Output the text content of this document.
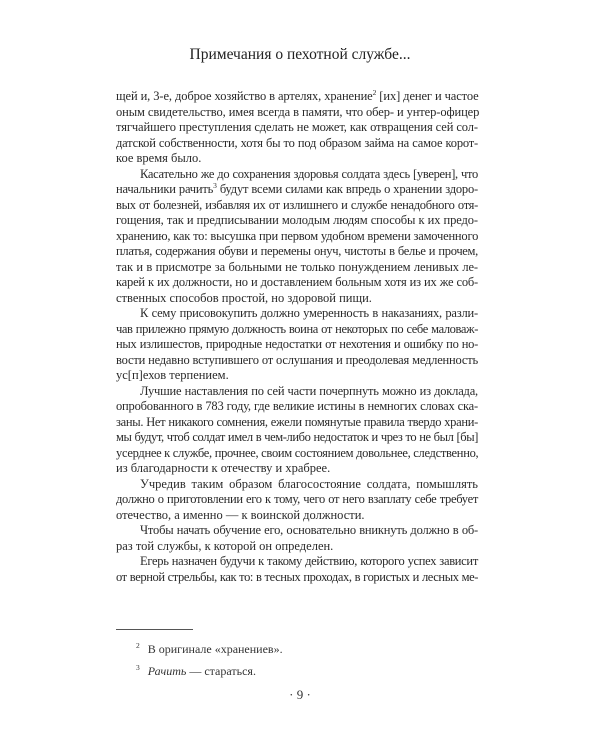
Примечания о пехотной службе...
щей и, 3-е, доброе хозяйство в артелях, хранение$^2$ [их] денег и частое
оным свидетельство, имея всегда в памяти, что обер- и унтер-офицер
тягчайшего преступления сделать не может, как отвращения сей сол-
датской собственности, хотя бы то под образом займа на самое корот-
кое время было.
Касательно же до сохранения здоровья солдата здесь [уверен], что
начальники рачить$^3$ будут всеми силами как впредь о хранении здоро-
вых от болезней, избавляя их от излишнего и службе ненадобного отя-
гощения, так и предписывании молодым людям способы к их предо-
хранению, как то: высушка при первом удобном времени замоченного
платья, содержания обуви и перемены онуч, чистоты в белье и прочем,
так и в присмотре за больными не только понуждением ленивых ле-
карей к их должности, но и доставлением больным хотя из их же соб-
ственных способов простой, но здоровой пищи.
К сему присовокупить должно умеренность в наказаниях, разли-
чав прилежно прямую должность воина от некоторых по себе маловаж-
ных излишестов, природные недостатки от нехотения и ошибку по но-
вости недавно вступившего от ослушания и преодолевая медленность
ус[п]ехов терпением.
Лучшие наставления по сей части почерпнуть можно из доклада,
опробованного в 783 году, где великие истины в немногих словах ска-
заны. Нет никакого сомнения, ежели помянутые правила твердо храни-
мы будут, чтоб солдат имел в чем-либо недостаток и чрез то не был [бы]
усерднее к службе, прочнее, своим состоянием довольнее, следственно,
из благодарности к отечеству и храбрее.
Учредив таким образом благосостояние солдата, помышлять
должно о приготовлении его к тому, чего от него взаплату себе требует
отечество, а именно — к воинской должности.
Чтобы начать обучение его, основательно вникнуть должно в об-
раз той службы, к которой он определен.
Егерь назначен будучи к такому действию, которого успех зависит
от верной стрельбы, как то: в тесных проходах, в гористых и лесных ме-
$^2$ В оригинале «хранениев».
$^3$ Рачить — стараться.
· 9 ·
